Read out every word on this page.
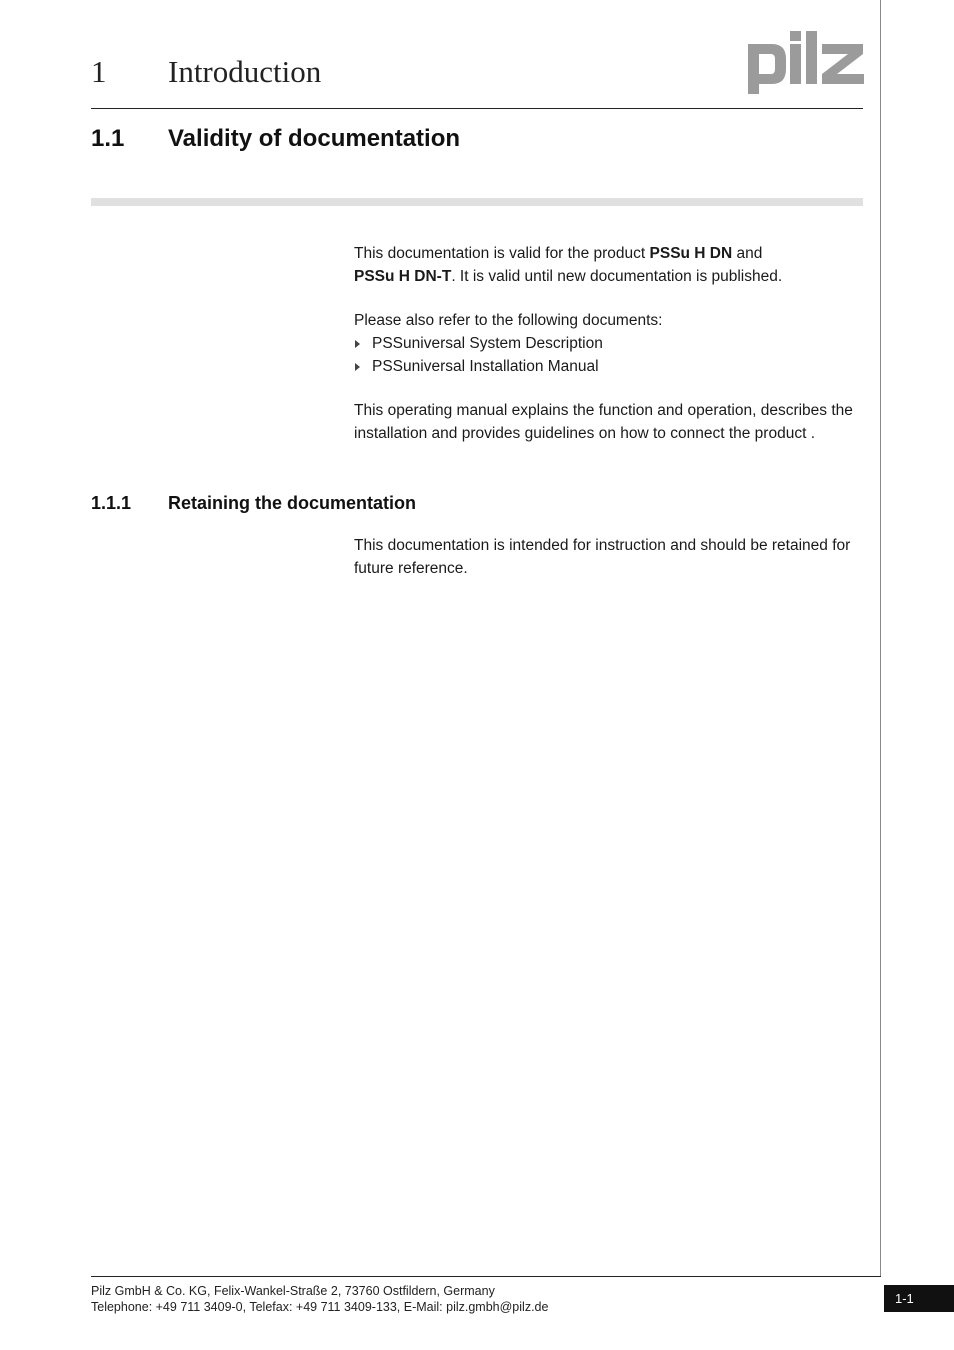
1 Introduction
1.1 Validity of documentation
This documentation is valid for the product PSSu H DN and
PSSu H DN-T. It is valid until new documentation is published.
Please also refer to the following documents:
PSSuniversal System Description
PSSuniversal Installation Manual
This operating manual explains the function and operation, describes the installation and provides guidelines on how to connect the product .
1.1.1 Retaining the documentation
This documentation is intended for instruction and should be retained for future reference.
Pilz GmbH & Co. KG, Felix-Wankel-Straße 2, 73760 Ostfildern, Germany
Telephone: +49 711 3409-0, Telefax: +49 711 3409-133, E-Mail: pilz.gmbh@pilz.de
1-1
